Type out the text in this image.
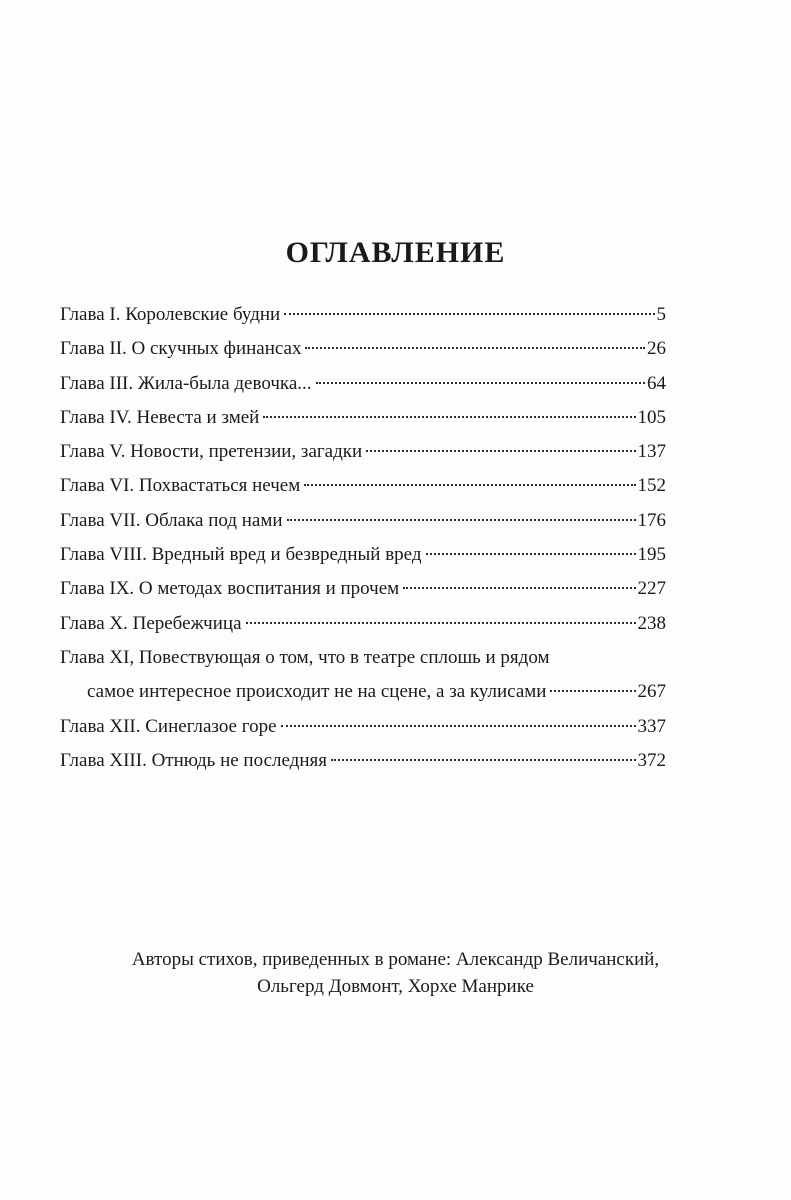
ОГЛАВЛЕНИЕ
Глава I. Королевские будни	5
Глава II. О скучных финансах	26
Глава III. Жила-была девочка...	64
Глава IV. Невеста и змей	105
Глава V. Новости, претензии, загадки	137
Глава VI. Похвастаться нечем	152
Глава VII. Облака под нами	176
Глава VIII. Вредный вред и безвредный вред	195
Глава IX. О методах воспитания и прочем	227
Глава X. Перебежчица	238
Глава XI, Повествующая о том, что в театре сплошь и рядом
самое интересное происходит не на сцене, а за кулисами	267
Глава XII. Синеглазое горе	337
Глава XIII. Отнюдь не последняя	372
Авторы стихов, приведенных в романе: Александр Величанский,
Ольгерд Довмонт, Хорхе Манрике
